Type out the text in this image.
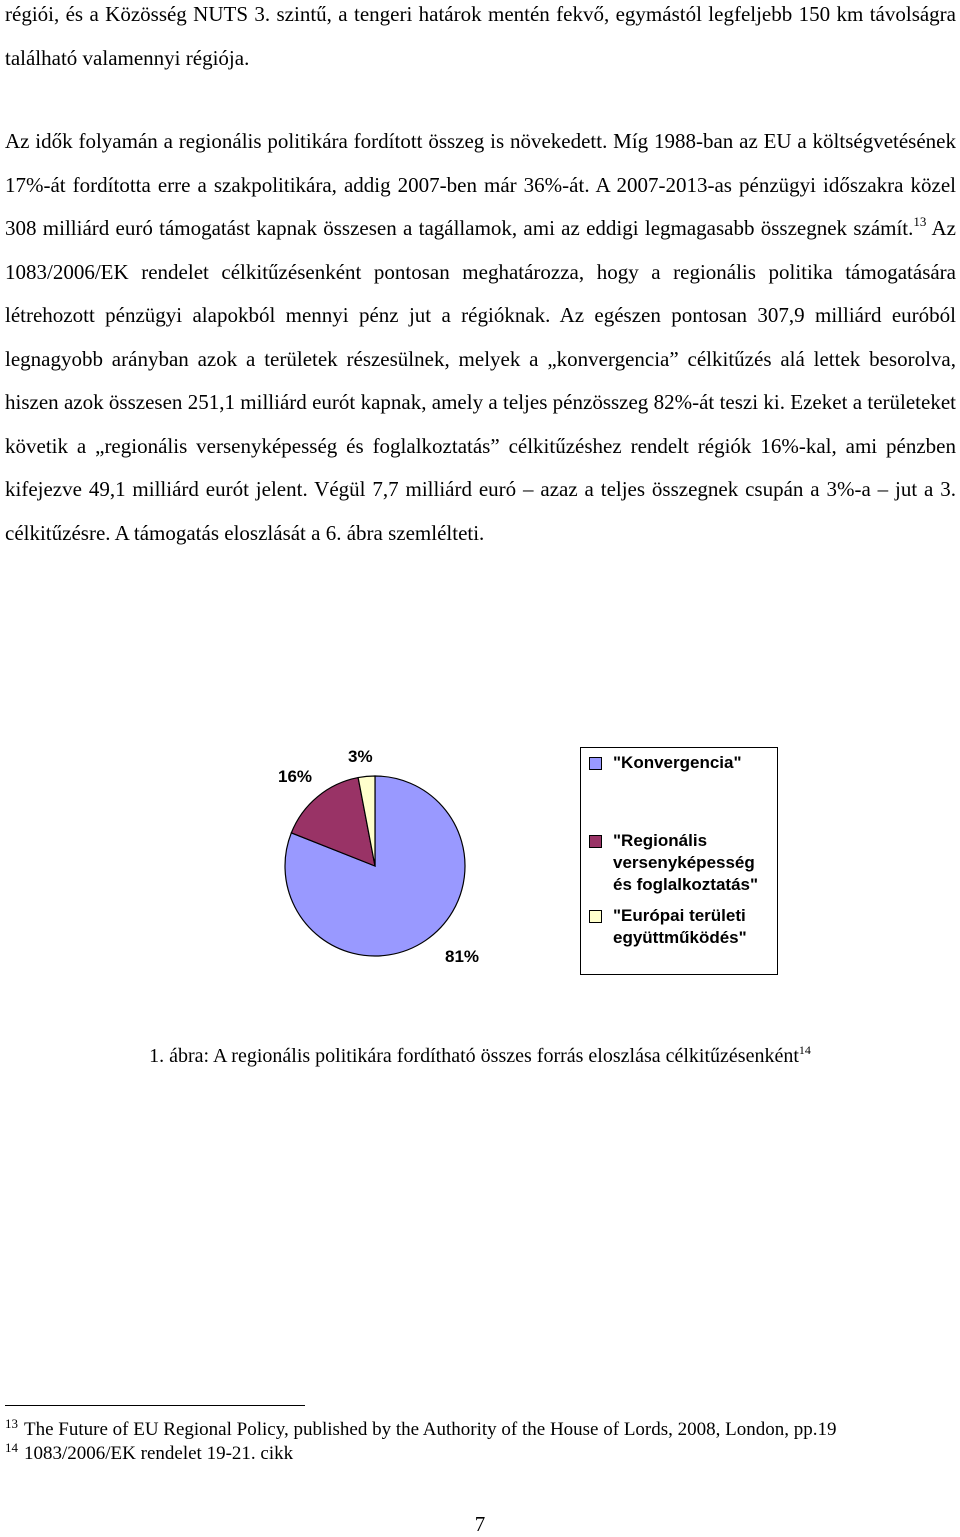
régiói, és a Közösség NUTS 3. szintű, a tengeri határok mentén fekvő, egymástól legfeljebb 150 km távolságra található valamennyi régiója.

Az idők folyamán a regionális politikára fordított összeg is növekedett. Míg 1988-ban az EU a költségvetésének 17%-át fordította erre a szakpolitikára, addig 2007-ben már 36%-át. A 2007-2013-as pénzügyi időszakra közel 308 milliárd euró támogatást kapnak összesen a tagállamok, ami az eddigi legmagasabb összegnek számít.$^{13}$ Az 1083/2006/EK rendelet célkitűzésenként pontosan meghatározza, hogy a regionális politika támogatására létrehozott pénzügyi alapokból mennyi pénz jut a régióknak. Az egészen pontosan 307,9 milliárd euróból legnagyobb arányban azok a területek részesülnek, melyek a „konvergencia” célkitűzés alá lettek besorolva, hiszen azok összesen 251,1 milliárd eurót kapnak, amely a teljes pénzösszeg 82%-át teszi ki. Ezeket a területeket követik a „regionális versenyképesség és foglalkoztatás” célkitűzéshez rendelt régiók 16%-kal, ami pénzben kifejezve 49,1 milliárd eurót jelent. Végül 7,7 milliárd euró – azaz a teljes összegnek csupán a 3%-a – jut a 3. célkitűzésre. A támogatás eloszlását a 6. ábra szemlélteti.

81%
16%
3%	"Konvergencia"
"Regionális versenyképesség és foglalkoztatás"
"Európai területi együttműködés"
1. ábra: A regionális politikára fordítható összes forrás eloszlása célkitűzésenként$^{14}$
$^{13}$ The Future of EU Regional Policy, published by the Authority of the House of Lords, 2008, London, pp.19
$^{14}$ 1083/2006/EK rendelet 19-21. cikk
7
